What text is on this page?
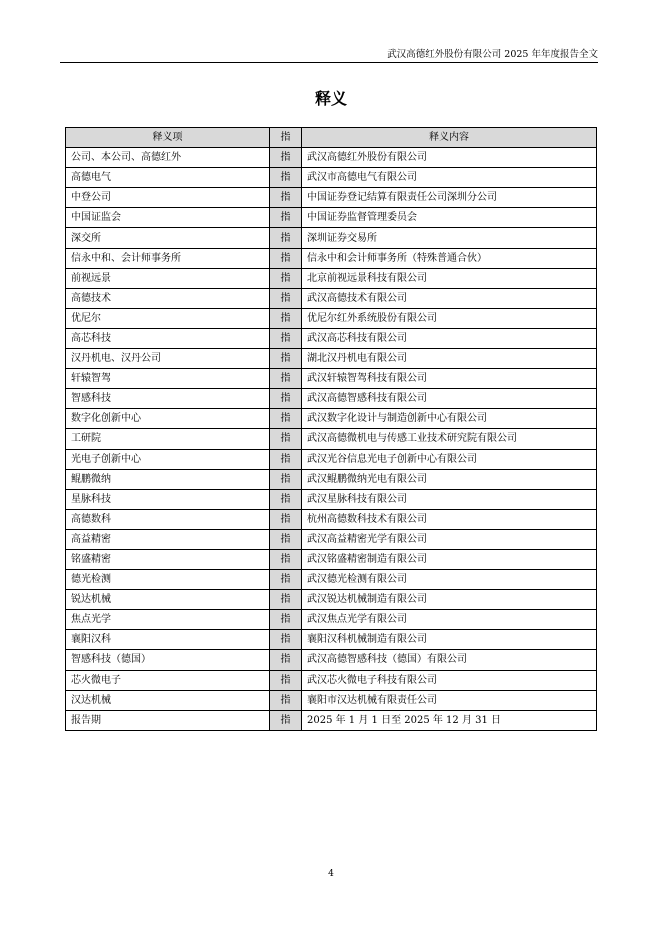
武汉高德红外股份有限公司 2025 年年度报告全文
释义
释义项	指	释义内容
公司、本公司、高德红外	指	武汉高德红外股份有限公司
高德电气	指	武汉市高德电气有限公司
中登公司	指	中国证券登记结算有限责任公司深圳分公司
中国证监会	指	中国证券监督管理委员会
深交所	指	深圳证券交易所
信永中和、会计师事务所	指	信永中和会计师事务所（特殊普通合伙）
前视远景	指	北京前视远景科技有限公司
高德技术	指	武汉高德技术有限公司
优尼尔	指	优尼尔红外系统股份有限公司
高芯科技	指	武汉高芯科技有限公司
汉丹机电、汉丹公司	指	湖北汉丹机电有限公司
轩辕智驾	指	武汉轩辕智驾科技有限公司
智感科技	指	武汉高德智感科技有限公司
数字化创新中心	指	武汉数字化设计与制造创新中心有限公司
工研院	指	武汉高德微机电与传感工业技术研究院有限公司
光电子创新中心	指	武汉光谷信息光电子创新中心有限公司
鲲鹏微纳	指	武汉鲲鹏微纳光电有限公司
星脉科技	指	武汉星脉科技有限公司
高德数科	指	杭州高德数科技术有限公司
高益精密	指	武汉高益精密光学有限公司
铭盛精密	指	武汉铭盛精密制造有限公司
德光检测	指	武汉德光检测有限公司
锐达机械	指	武汉锐达机械制造有限公司
焦点光学	指	武汉焦点光学有限公司
襄阳汉科	指	襄阳汉科机械制造有限公司
智感科技（德国）	指	武汉高德智感科技（德国）有限公司
芯火微电子	指	武汉芯火微电子科技有限公司
汉达机械	指	襄阳市汉达机械有限责任公司
报告期	指	2025 年 1 月 1 日至 2025 年 12 月 31 日
4
